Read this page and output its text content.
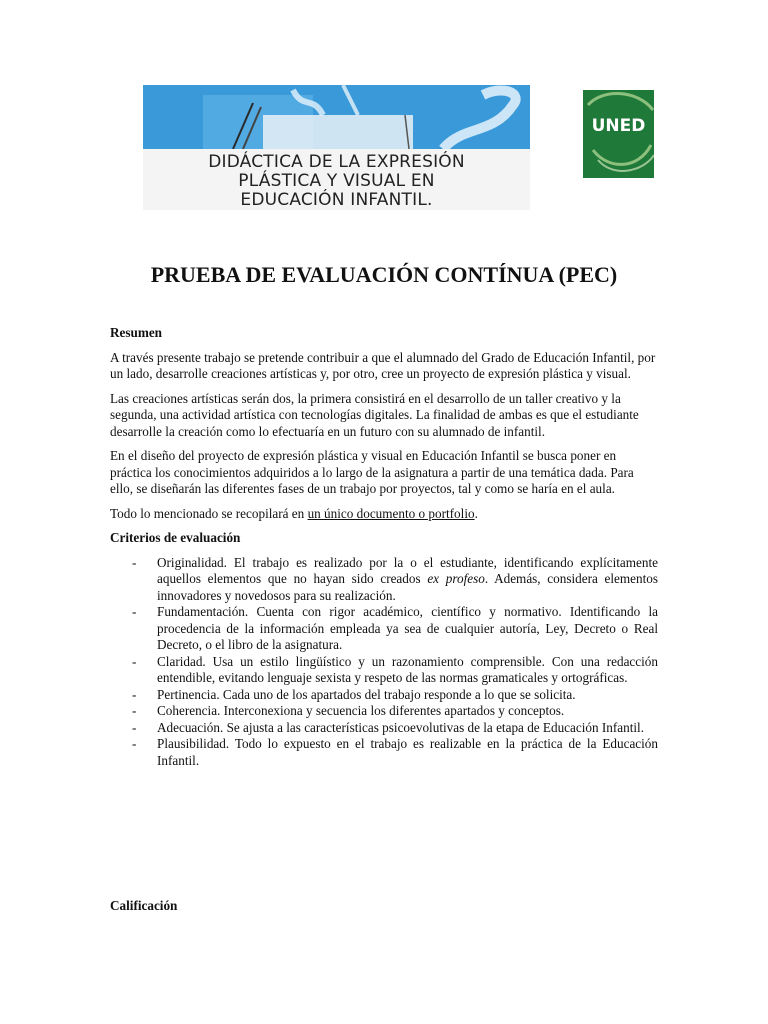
DIDÁCTICA DE LA EXPRESIÓN
PLÁSTICA Y VISUAL EN
EDUCACIÓN INFANTIL.
UNED
PRUEBA DE EVALUACIÓN CONTÍNUA (PEC)

Resumen

A través presente trabajo se pretende contribuir a que el alumnado del Grado de Educación Infantil, por un lado, desarrolle creaciones artísticas y, por otro, cree un proyecto de expresión plástica y visual.

Las creaciones artísticas serán dos, la primera consistirá en el desarrollo de un taller creativo y la segunda, una actividad artística con tecnologías digitales. La finalidad de ambas es que el estudiante desarrolle la creación como lo efectuaría en un futuro con su alumnado de infantil.

En el diseño del proyecto de expresión plástica y visual en Educación Infantil se busca poner en práctica los conocimientos adquiridos a lo largo de la asignatura a partir de una temática dada. Para ello, se diseñarán las diferentes fases de un trabajo por proyectos, tal y como se haría en el aula.

Todo lo mencionado se recopilará en un único documento o portfolio.

Criterios de evaluación

- Originalidad. El trabajo es realizado por la o el estudiante, identificando explícitamente aquellos elementos que no hayan sido creados ex profeso. Además, considera elementos innovadores y novedosos para su realización.
- Fundamentación. Cuenta con rigor académico, científico y normativo. Identificando la procedencia de la información empleada ya sea de cualquier autoría, Ley, Decreto o Real Decreto, o el libro de la asignatura.
- Claridad. Usa un estilo lingüístico y un razonamiento comprensible. Con una redacción entendible, evitando lenguaje sexista y respeto de las normas gramaticales y ortográficas.
- Pertinencia. Cada uno de los apartados del trabajo responde a lo que se solicita.
- Coherencia. Interconexiona y secuencia los diferentes apartados y conceptos.
- Adecuación. Se ajusta a las características psicoevolutivas de la etapa de Educación Infantil.
- Plausibilidad. Todo lo expuesto en el trabajo es realizable en la práctica de la Educación Infantil.
Calificación
